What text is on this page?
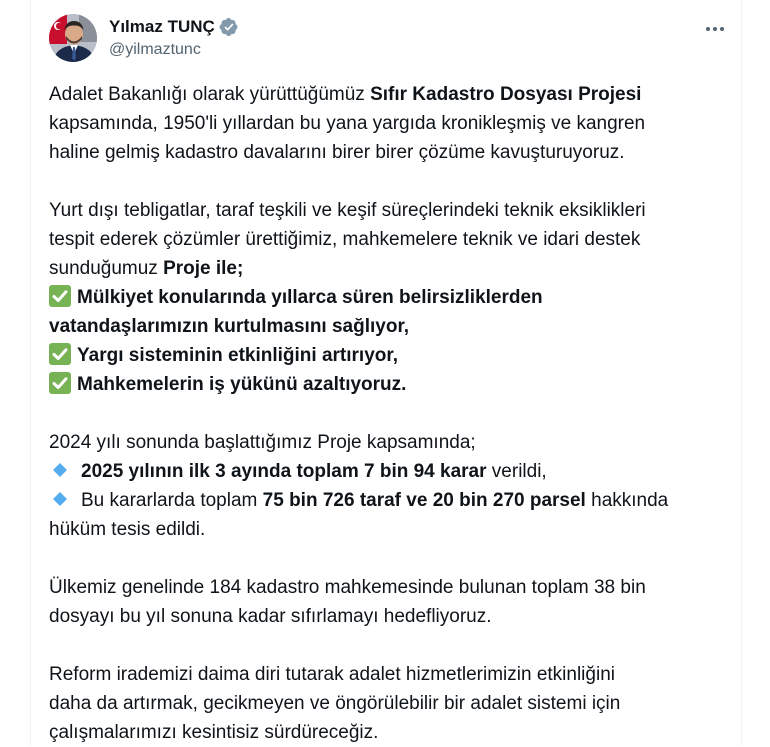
Yılmaz TUNÇ
@yilmaztunc
Adalet Bakanlığı olarak yürüttüğümüz Sıfır Kadastro Dosyası Projesi
kapsamında, 1950'li yıllardan bu yana yargıda kronikleşmiş ve kangren
haline gelmiş kadastro davalarını birer birer çözüme kavuşturuyoruz.
Yurt dışı tebligatlar, taraf teşkili ve keşif süreçlerindeki teknik eksiklikleri
tespit ederek çözümler ürettiğimiz, mahkemelere teknik ve idari destek
sunduğumuz Proje ile;
Mülkiyet konularında yıllarca süren belirsizliklerden
vatandaşlarımızın kurtulmasını sağlıyor,
Yargı sisteminin etkinliğini artırıyor,
Mahkemelerin iş yükünü azaltıyoruz.
2024 yılı sonunda başlattığımız Proje kapsamında;
2025 yılının ilk 3 ayında toplam 7 bin 94 karar verildi,
Bu kararlarda toplam 75 bin 726 taraf ve 20 bin 270 parsel hakkında
hüküm tesis edildi.
Ülkemiz genelinde 184 kadastro mahkemesinde bulunan toplam 38 bin
dosyayı bu yıl sonuna kadar sıfırlamayı hedefliyoruz.
Reform irademizi daima diri tutarak adalet hizmetlerimizin etkinliğini
daha da artırmak, gecikmeyen ve öngörülebilir bir adalet sistemi için
çalışmalarımızı kesintisiz sürdüreceğiz.
